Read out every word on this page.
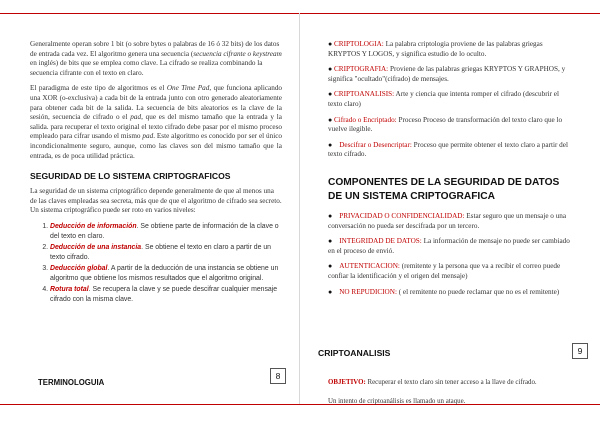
Generalmente operan sobre 1 bit (o sobre bytes o palabras de 16 ó 32 bits) de los datos de entrada cada vez. El algoritmo genera una secuencia (secuencia cifrante o keystream en inglés) de bits que se emplea como clave. La cifrado se realiza combinando la secuencia cifrante con el texto en claro.

El paradigma de este tipo de algoritmos es el One Time Pad, que funciona aplicando una XOR (o-exclusiva) a cada bit de la entrada junto con otro generado aleatoriamente para obtener cada bit de la salida. La secuencia de bits aleatorios es la clave de la sesión, secuencia de cifrado o el pad, que es del mismo tamaño que la entrada y la salida. para recuperar el texto original el texto cifrado debe pasar por el mismo proceso empleado para cifrar usando el mismo pad. Este algoritmo es conocido por ser el único incondicionalmente seguro, aunque, como las claves son del mismo tamaño que la entrada, es de poca utilidad práctica.

SEGURIDAD DE LO SISTEMA CRIPTOGRAFICOS

La seguridad de un sistema criptográfico depende generalmente de que al menos una de las claves empleadas sea secreta, más que de que el algoritmo de cifrado sea secreto.

Un sistema criptográfico puede ser roto en varios niveles:

1. Deducción de información. Se obtiene parte de información de la clave o del texto en claro.
2. Deducción de una instancia. Se obtiene el texto en claro a partir de un texto cifrado.
3. Deducción global. A partir de la deducción de una instancia se obtiene un algoritmo que obtiene los mismos resultados que el algoritmo original.
4. Rotura total. Se recupera la clave y se puede descifrar cualquier mensaje cifrado con la misma clave.
8
TERMINOLOGUIA
● CRIPTOLOGIA: La palabra criptologia proviene de las palabras griegas KRYPTOS Y LOGOS, y significa estudio de lo oculto.
● CRIPTOGRAFIA: Proviene de las palabras griegas KRYPTOS Y GRAPHOS, y significa "ocultado"(cifrado) de mensajes.
● CRIPTOANALISIS: Arte y ciencia que intenta romper el cifrado (descubrir el texto claro)
● Cifrado o Encriptado: Proceso Proceso de transformación del texto claro que lo vuelve ilegible.
●    Descifrar o Desencriptar: Proceso que permite obtener el texto claro a partir del texto cifrado.
COMPONENTES DE LA SEGURIDAD DE DATOS DE UN SISTEMA CRIPTOGRAFICA
●    PRIVACIDAD O CONFIDENCIALIDAD: Estar seguro que un mensaje o una conversación no pueda ser descifrada por un tercero.
●    INTEGRIDAD DE DATOS: La información de mensaje no puede ser cambiado en el proceso de envió.
●    AUTENTICACION: (remitente y la persona que va a recibir el correo puede confiar la identificación y el origen del mensaje)
●    NO REPUDICION: ( el remitente no puede reclamar que no es el remitente)
CRIPTOANALISIS	9

OBJETIVO: Recuperar el texto claro sin tener acceso a la llave de cifrado.

Un intento de criptoanálisis es llamado un ataque.
